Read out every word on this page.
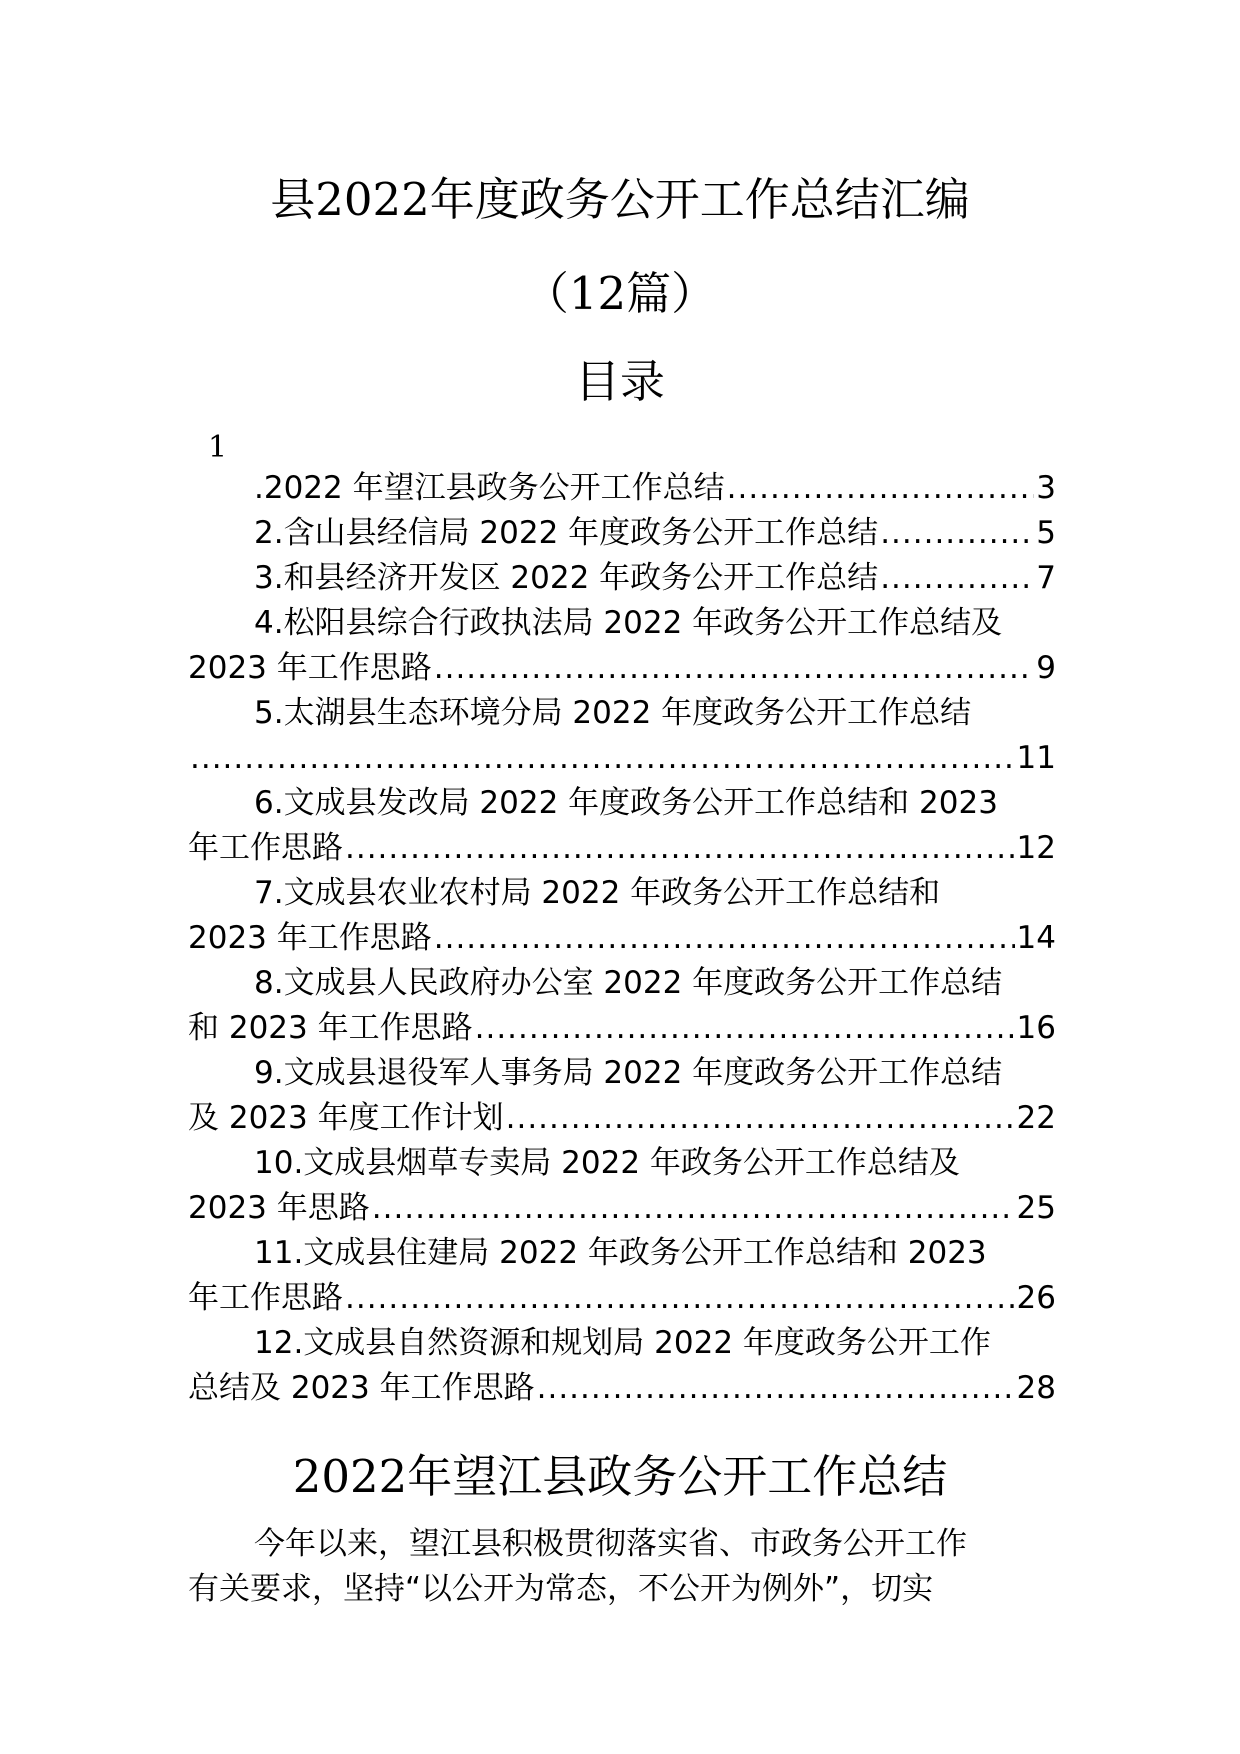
县2022年度政务公开工作总结汇编
（12篇）
目录
1
.2022 年望江县政务公开工作总结 .....	3
2.含山县经信局 2022 年度政务公开工作总结 .....	5
3.和县经济开发区 2022 年政务公开工作总结 .....	7
4.松阳县综合行政执法局 2022 年政务公开工作总结及
2023 年工作思路 .....	9
5.太湖县生态环境分局 2022 年度政务公开工作总结
.....
11
6.文成县发改局 2022 年度政务公开工作总结和 2023
年工作思路 .....	12
7.文成县农业农村局 2022 年政务公开工作总结和
2023 年工作思路 .....	14
8.文成县人民政府办公室 2022 年度政务公开工作总结
和 2023 年工作思路 .....	16
9.文成县退役军人事务局 2022 年度政务公开工作总结
及 2023 年度工作计划 .....	22
10.文成县烟草专卖局 2022 年政务公开工作总结及
2023 年思路 .....	25
11.文成县住建局 2022 年政务公开工作总结和 2023
年工作思路 .....	26
12.文成县自然资源和规划局 2022 年度政务公开工作
总结及 2023 年工作思路 .....	28
2022年望江县政务公开工作总结

今年以来，望江县积极贯彻落实省、市政务公开工作

有关要求，坚持“以公开为常态，不公开为例外”，切实
